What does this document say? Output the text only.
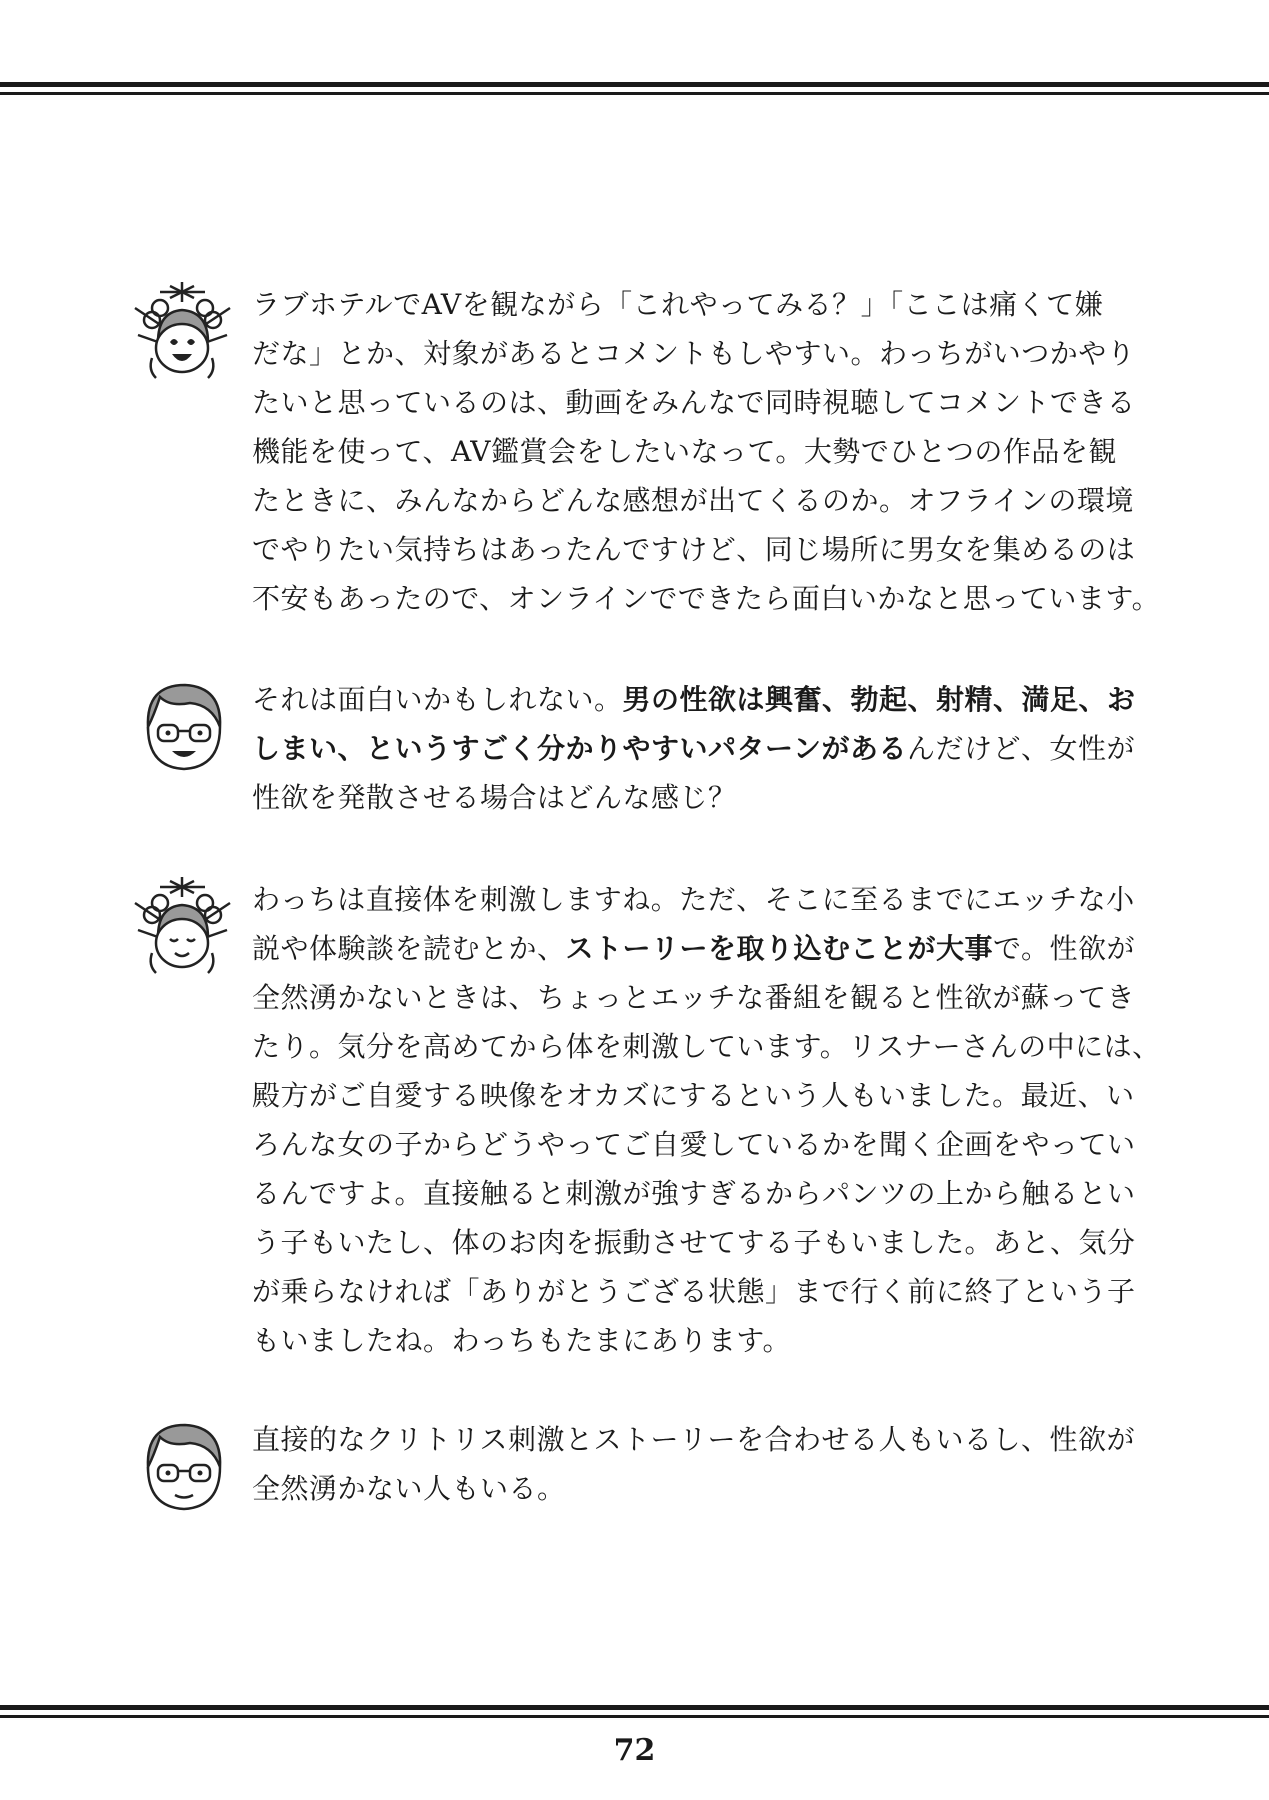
ラブホテルでAVを観ながら「これやってみる？」「ここは痛くて嫌
だな」とか、対象があるとコメントもしやすい。わっちがいつかやり
たいと思っているのは、動画をみんなで同時視聴してコメントできる
機能を使って、AV鑑賞会をしたいなって。大勢でひとつの作品を観
たときに、みんなからどんな感想が出てくるのか。オフラインの環境
でやりたい気持ちはあったんですけど、同じ場所に男女を集めるのは
不安もあったので、オンラインでできたら面白いかなと思っています。
それは面白いかもしれない。男の性欲は興奮、勃起、射精、満足、お
しまい、というすごく分かりやすいパターンがあるんだけど、女性が
性欲を発散させる場合はどんな感じ？
わっちは直接体を刺激しますね。ただ、そこに至るまでにエッチな小
説や体験談を読むとか、ストーリーを取り込むことが大事で。性欲が
全然湧かないときは、ちょっとエッチな番組を観ると性欲が蘇ってき
たり。気分を高めてから体を刺激しています。リスナーさんの中には、
殿方がご自愛する映像をオカズにするという人もいました。最近、い
ろんな女の子からどうやってご自愛しているかを聞く企画をやってい
るんですよ。直接触ると刺激が強すぎるからパンツの上から触るとい
う子もいたし、体のお肉を振動させてする子もいました。あと、気分
が乗らなければ「ありがとうござる状態」まで行く前に終了という子
もいましたね。わっちもたまにあります。
直接的なクリトリス刺激とストーリーを合わせる人もいるし、性欲が
全然湧かない人もいる。
72
